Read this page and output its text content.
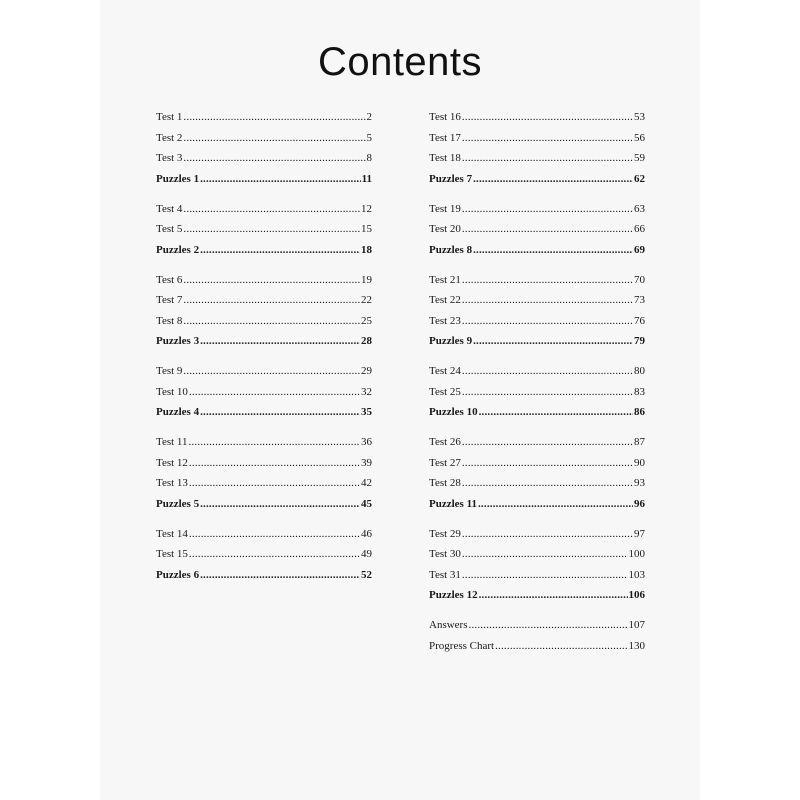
Contents
Test 1 .....	2
Test 2 .....	5
Test 3 .....	8
Puzzles 1 .....	11
Test 4 .....	12
Test 5 .....	15
Puzzles 2 .....	18
Test 6 .....	19
Test 7 .....	22
Test 8 .....	25
Puzzles 3 .....	28
Test 9 .....	29
Test 10 .....	32
Puzzles 4 .....	35
Test 11 .....	36
Test 12 .....	39
Test 13 .....	42
Puzzles 5 .....	45
Test 14 .....	46
Test 15 .....	49
Puzzles 6 .....	52
Test 16 .....	53
Test 17 .....	56
Test 18 .....	59
Puzzles 7 .....	62
Test 19 .....	63
Test 20 .....	66
Puzzles 8 .....	69
Test 21 .....	70
Test 22 .....	73
Test 23 .....	76
Puzzles 9 .....	79
Test 24 .....	80
Test 25 .....	83
Puzzles 10 .....	86
Test 26 .....	87
Test 27 .....	90
Test 28 .....	93
Puzzles 11 .....	96
Test 29 .....	97
Test 30 .....	100
Test 31 .....	103
Puzzles 12 .....	106
Answers .....	107
Progress Chart .....	130
